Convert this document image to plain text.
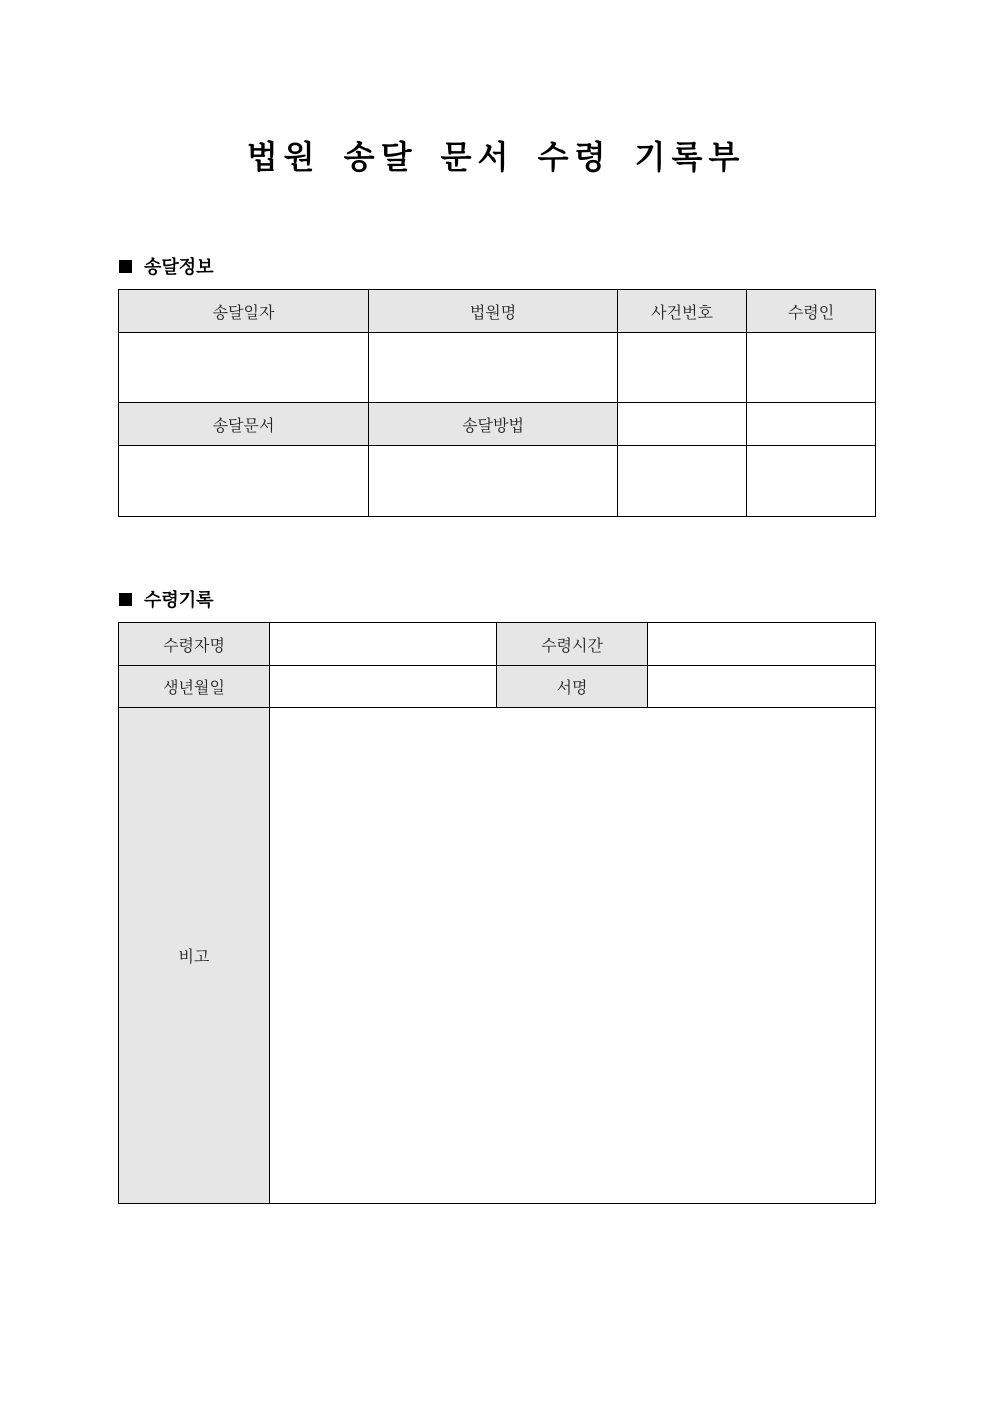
법원 송달 문서 수령 기록부
송달정보
송달일자	법원명	사건번호	수령인

송달문서	송달방법		

수령기록
수령자명		수령시간	
생년월일		서명	
비고			
